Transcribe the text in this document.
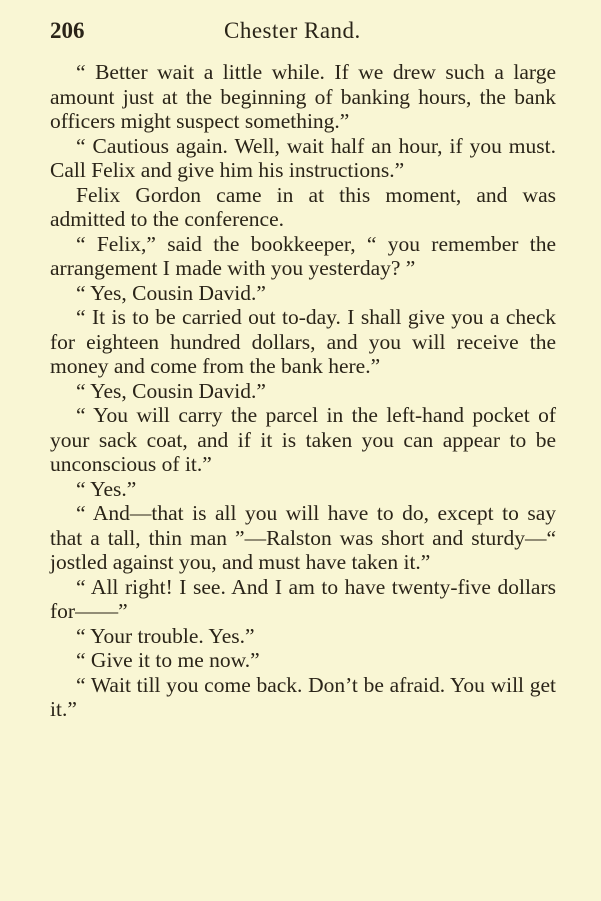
206	Chester Rand.

“ Better wait a little while. If we drew such a large amount just at the beginning of banking hours, the bank officers might suspect something.”

“ Cautious again. Well, wait half an hour, if you must. Call Felix and give him his instructions.”

Felix Gordon came in at this moment, and was admitted to the conference.

“ Felix,” said the bookkeeper, “ you remember the arrangement I made with you yesterday? ”

“ Yes, Cousin David.”

“ It is to be carried out to-day. I shall give you a check for eighteen hundred dollars, and you will receive the money and come from the bank here.”

“ Yes, Cousin David.”

“ You will carry the parcel in the left-hand pocket of your sack coat, and if it is taken you can appear to be unconscious of it.”

“ Yes.”

“ And—that is all you will have to do, except to say that a tall, thin man ”—Ralston was short and sturdy—“ jostled against you, and must have taken it.”

“ All right! I see. And I am to have twenty-five dollars for——”

“ Your trouble. Yes.”

“ Give it to me now.”

“ Wait till you come back. Don’t be afraid. You will get it.”
